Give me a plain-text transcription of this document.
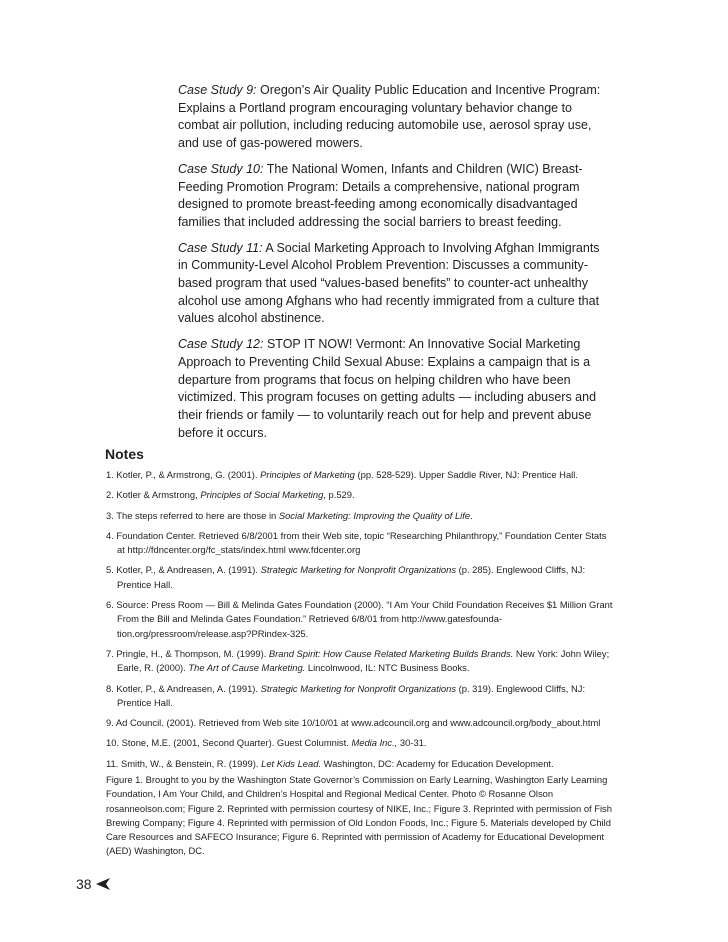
Case Study 9: Oregon’s Air Quality Public Education and Incentive Program: Explains a Portland program encouraging voluntary behavior change to combat air pollution, including reducing automobile use, aerosol spray use, and use of gas-powered mowers.

Case Study 10: The National Women, Infants and Children (WIC) Breast-Feeding Promotion Program: Details a comprehensive, national program designed to promote breast-feeding among economically disadvantaged families that included addressing the social barriers to breast feeding.

Case Study 11: A Social Marketing Approach to Involving Afghan Immigrants in Community-Level Alcohol Problem Prevention: Discusses a community-based program that used “values-based benefits” to counter-act unhealthy alcohol use among Afghans who had recently immigrated from a culture that values alcohol abstinence.

Case Study 12: STOP IT NOW! Vermont: An Innovative Social Marketing Approach to Preventing Child Sexual Abuse: Explains a campaign that is a departure from programs that focus on helping children who have been victimized. This program focuses on getting adults — including abusers and their friends or family — to voluntarily reach out for help and prevent abuse before it occurs.

Notes

1. Kotler, P., & Armstrong, G. (2001). Principles of Marketing (pp. 528-529). Upper Saddle River, NJ: Prentice Hall.

2. Kotler & Armstrong, Principles of Social Marketing, p.529.

3. The steps referred to here are those in Social Marketing: Improving the Quality of Life.

4. Foundation Center. Retrieved 6/8/2001 from their Web site, topic “Researching Philanthropy,” Foundation Center Stats at http://fdncenter.org/fc_stats/index.html www.fdcenter.org

5. Kotler, P., & Andreasen, A. (1991). Strategic Marketing for Nonprofit Organizations (p. 285). Englewood Cliffs, NJ: Prentice Hall.

6. Source: Press Room — Bill & Melinda Gates Foundation (2000). “I Am Your Child Foundation Receives $1 Million Grant From the Bill and Melinda Gates Foundation.” Retrieved 6/8/01 from http://www.gatesfounda-tion.org/pressroom/release.asp?PRindex-325.

7. Pringle, H., & Thompson, M. (1999). Brand Spirit: How Cause Related Marketing Builds Brands. New York: John Wiley; Earle, R. (2000). The Art of Cause Marketing. Lincolnwood, IL: NTC Business Books.

8. Kotler, P., & Andreasen, A. (1991). Strategic Marketing for Nonprofit Organizations (p. 319). Englewood Cliffs, NJ: Prentice Hall.

9. Ad Council. (2001). Retrieved from Web site 10/10/01 at www.adcouncil.org and www.adcouncil.org/body_about.html

10. Stone, M.E. (2001, Second Quarter). Guest Columnist. Media Inc., 30-31.

11. Smith, W., & Benstein, R. (1999). Let Kids Lead. Washington, DC: Academy for Education Development.

Figure 1. Brought to you by the Washington State Governor’s Commission on Early Learning, Washington Early Learning Foundation, I Am Your Child, and Children’s Hospital and Regional Medical Center. Photo © Rosanne Olson rosanneolson.com; Figure 2. Reprinted with permission courtesy of NIKE, Inc.; Figure 3. Reprinted with permission of Fish Brewing Company; Figure 4. Reprinted with permission of Old London Foods, Inc.; Figure 5. Materials developed by Child Care Resources and SAFECO Insurance; Figure 6. Reprinted with permission of Academy for Educational Development (AED) Washington, DC.
38
